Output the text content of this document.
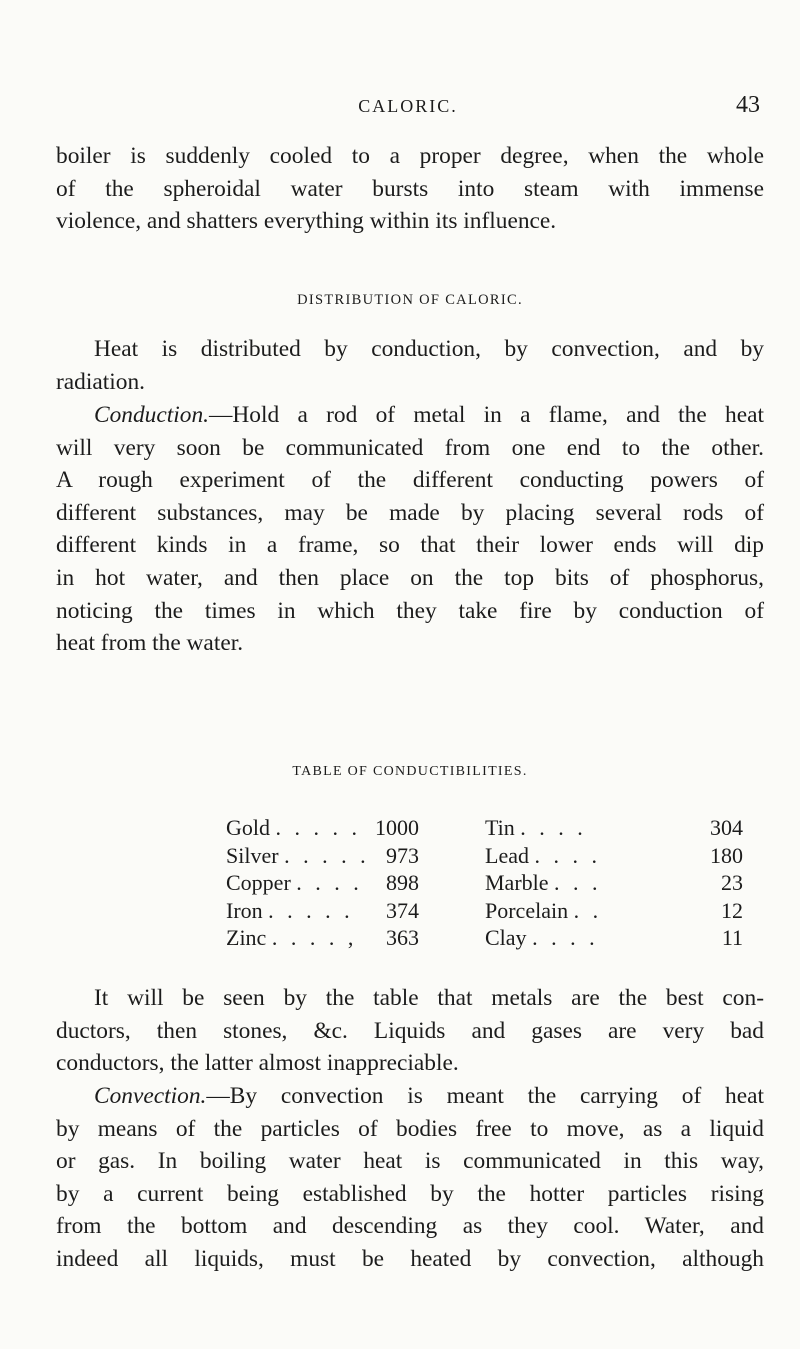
CALORIC.	43
boiler is suddenly cooled to a proper degree, when the whole
of the spheroidal water bursts into steam with immense
violence, and shatters everything within its influence.
DISTRIBUTION OF CALORIC.
Heat is distributed by conduction, by convection, and by
radiation.
Conduction.—Hold a rod of metal in a flame, and the heat
will very soon be communicated from one end to the other.
A rough experiment of the different conducting powers of
different substances, may be made by placing several rods of
different kinds in a frame, so that their lower ends will dip
in hot water, and then place on the top bits of phosphorus,
noticing the times in which they take fire by conduction of
heat from the water.
TABLE OF CONDUCTIBILITIES.
Gold . . . . . 1000	Tin . . . .	304
Silver . . . . . 973	Lead . . . .	180
Copper . . . .	898	Marble . . .	23
Iron . . . . .	374	Porcelain . .	12
Zinc . . . . ,	363	Clay . . . .	11
It will be seen by the table that metals are the best con-
ductors, then stones, &c. Liquids and gases are very bad
conductors, the latter almost inappreciable.
Convection.—By convection is meant the carrying of heat
by means of the particles of bodies free to move, as a liquid
or gas. In boiling water heat is communicated in this way,
by a current being established by the hotter particles rising
from the bottom and descending as they cool. Water, and
indeed all liquids, must be heated by convection, although
